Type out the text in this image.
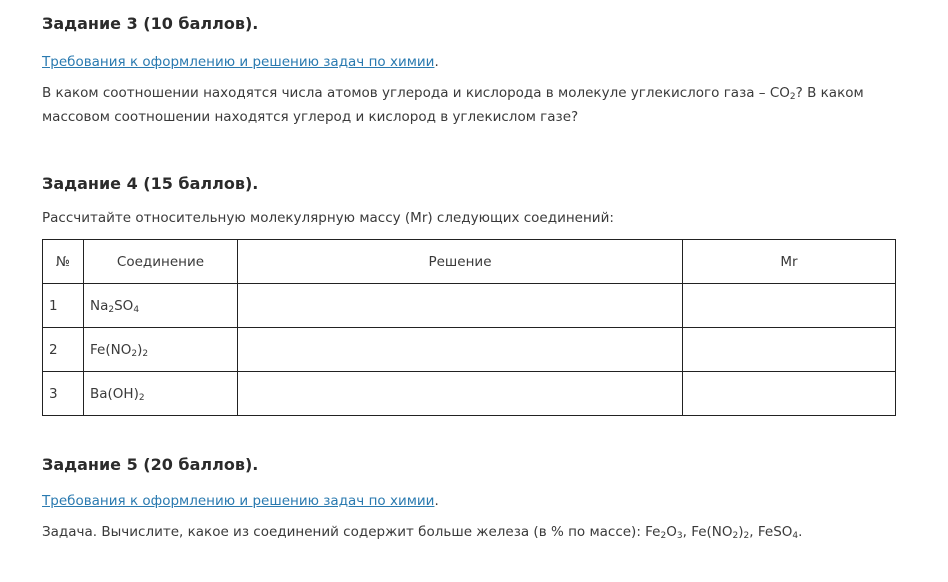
Задание 3 (10 баллов).
Требования к оформлению и решению задач по химии.
В каком соотношении находятся числа атомов углерода и кислорода в молекуле углекислого газа – $CO_2$? В каком массовом соотношении находятся углерод и кислород в углекислом газе?
Задание 4 (15 баллов).
Рассчитайте относительную молекулярную массу (Mr) следующих соединений:
№	Соединение	Решение	Mr
1	$Na_2SO_4$		
2	$Fe(NO_2)_2$		
3	$Ba(OH)_2$		
Задание 5 (20 баллов).
Требования к оформлению и решению задач по химии.
Задача. Вычислите, какое из соединений содержит больше железа (в % по массе): $Fe_2O_3$, $Fe(NO_2)_2$, FeSO$_4$.
